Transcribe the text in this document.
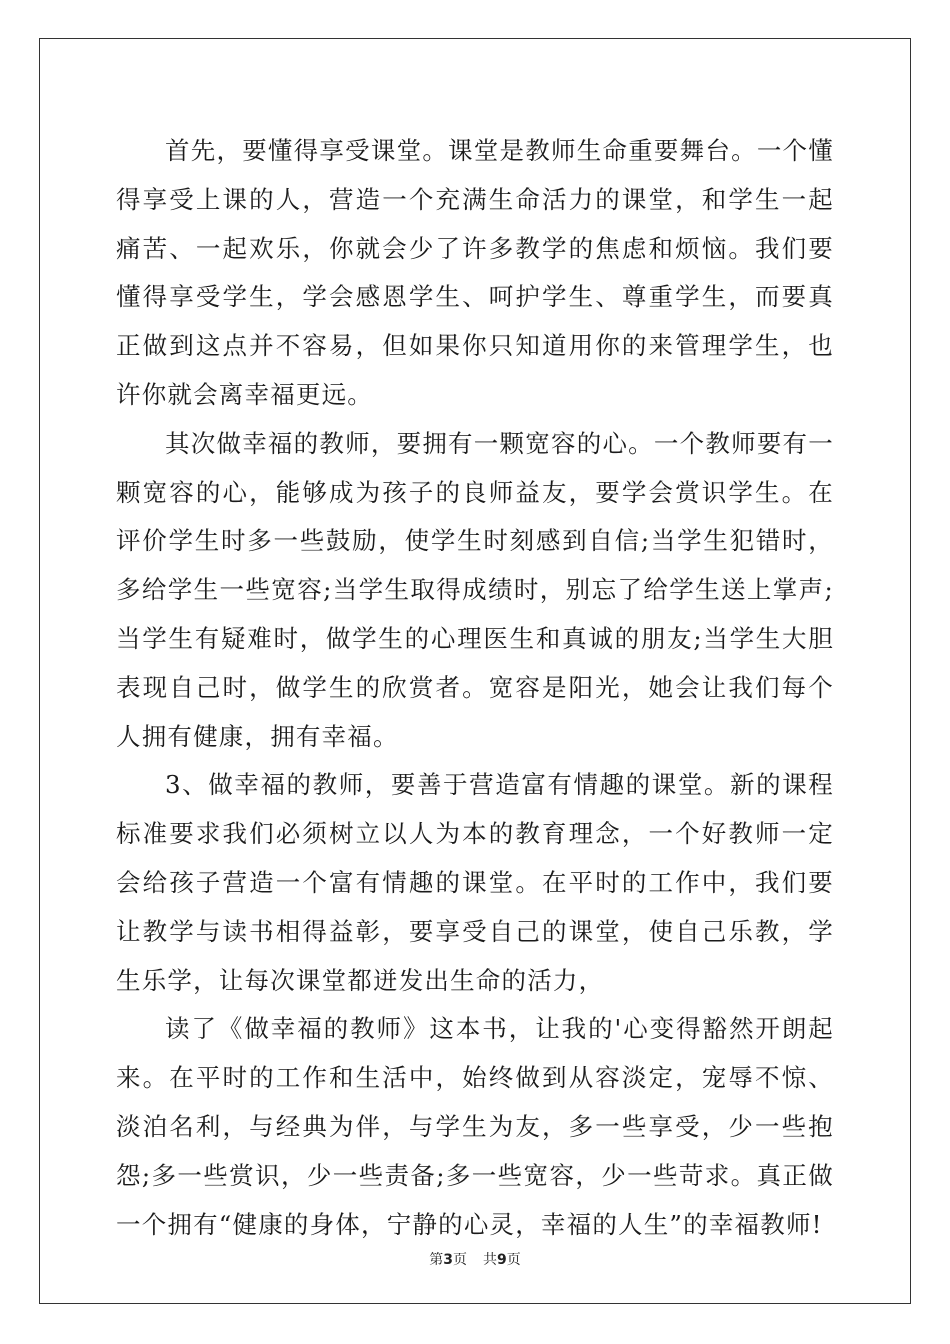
首先，要懂得享受课堂。课堂是教师生命重要舞台。一个懂得享受上课的人，营造一个充满生命活力的课堂，和学生一起痛苦、一起欢乐，你就会少了许多教学的焦虑和烦恼。我们要懂得享受学生，学会感恩学生、呵护学生、尊重学生，而要真正做到这点并不容易，但如果你只知道用你的来管理学生，也许你就会离幸福更远。

其次做幸福的教师，要拥有一颗宽容的心。一个教师要有一颗宽容的心，能够成为孩子的良师益友，要学会赏识学生。在评价学生时多一些鼓励，使学生时刻感到自信;当学生犯错时，多给学生一些宽容;当学生取得成绩时，别忘了给学生送上掌声;当学生有疑难时，做学生的心理医生和真诚的朋友;当学生大胆表现自己时，做学生的欣赏者。宽容是阳光，她会让我们每个人拥有健康，拥有幸福。

3、做幸福的教师，要善于营造富有情趣的课堂。新的课程标准要求我们必须树立以人为本的教育理念，一个好教师一定会给孩子营造一个富有情趣的课堂。在平时的工作中，我们要让教学与读书相得益彰，要享受自己的课堂，使自己乐教，学生乐学，让每次课堂都迸发出生命的活力，

读了《做幸福的教师》这本书，让我的'心变得豁然开朗起来。在平时的工作和生活中，始终做到从容淡定，宠辱不惊、淡泊名利，与经典为伴，与学生为友，多一些享受，少一些抱怨;多一些赏识，少一些责备;多一些宽容，少一些苛求。真正做一个拥有“健康的身体，宁静的心灵，幸福的人生”的幸福教师!

第3页 共9页
